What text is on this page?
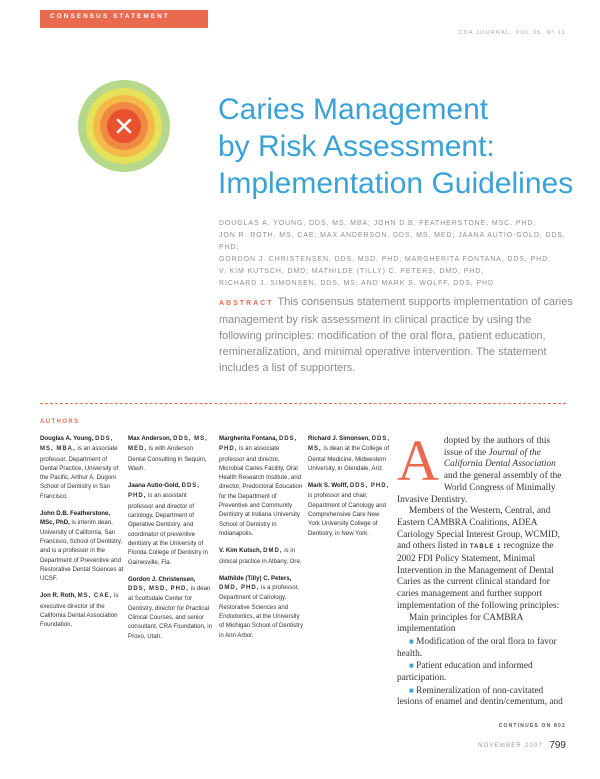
CONSENSUS STATEMENT
CDA JOURNAL, VOL 35, Nº 11
Caries Management
by Risk Assessment:
Implementation Guidelines
DOUGLAS A. YOUNG, DDS, MS, MBA; JOHN D.B. FEATHERSTONE, MSC, PHD;
JON R. ROTH, MS, CAE; MAX ANDERSON, DDS, MS, MED; JAANA AUTIO-GOLD, DDS, PHD;
GORDON J. CHRISTENSEN, DDS, MSD, PHD; MARGHERITA FONTANA, DDS, PHD;
V. KIM KUTSCH, DMD; MATHILDE (TILLY) C. PETERS, DMD, PHD;
RICHARD J. SIMONSEN, DDS, MS; AND MARK S. WOLFF, DDS, PHD
ABSTRACT This consensus statement supports implementation of caries management by risk assessment in clinical practice by using the following principles: modification of the oral flora, patient education, remineralization, and minimal operative intervention. The statement includes a list of supporters.
AUTHORS

Douglas A. Young, DDS, MS, MBA, is an associate professor, Department of Dental Practice, University of the Pacific, Arthur A. Dugoni School of Dentistry in San Francisco.

John D.B. Featherstone, MSc, PhD, is interim dean, University of California, San Francisco, School of Dentistry, and is a professor in the Department of Preventive and Restorative Dental Sciences at UCSF.

Jon R. Roth, MS, CAE, is executive director of the California Dental Association Foundation.

Max Anderson, DDS, MS, MED, is with Anderson Dental Consulting in Sequim, Wash.

Jaana Autio-Gold, DDS, PHD, is an assistant professor and director of cariology, Department of Operative Dentistry, and coordinator of preventive dentistry at the University of Florida College of Dentistry in Gainesville, Fla.

Gordon J. Christensen, DDS, MSD, PHD, is dean at Scottsdale Center for Dentistry, director for Practical Clinical Courses, and senior consultant, CRA Foundation, in Provo, Utah.

Margherita Fontana, DDS, PHD, is an associate professor and director, Microbial Caries Facility, Oral Health Research Institute, and director, Predoctoral Education for the Department of Preventive and Community Dentistry at Indiana University School of Dentistry in Indianapolis.

V. Kim Kutsch, DMD, is in clinical practice in Albany, Ore.

Mathilde (Tilly) C. Peters, DMD, PHD, is a professor, Department of Cariology, Restorative Sciences and Endodontics, at the University of Michigan School of Dentistry in Ann Arbor.

Richard J. Simonsen, DDS, MS, is dean at the College of Dental Medicine, Midwestern University, in Glendale, Ariz.

Mark S. Wolff, DDS, PHD, is professor and chair, Department of Cariology and Comprehensive Care New York University College of Dentistry, in New York.

Adopted by the authors of this issue of the Journal of the California Dental Association and the general assembly of the World Congress of Minimally Invasive Dentistry.

Members of the Western, Central, and Eastern CAMBRA Coalitions, ADEA Cariology Special Interest Group, WCMID, and others listed in TABLE 1 recognize the 2002 FDI Policy Statement, Minimal Intervention in the Management of Dental Caries as the current clinical standard for caries management and further support implementation of the following principles:

Main principles for CAMBRA implementation

■ Modification of the oral flora to favor health.

■ Patient education and informed participation.

■ Remineralization of non-cavitated lesions of enamel and dentin/cementum, and

CONTINUES ON 802
NOVEMBER 2007 799
